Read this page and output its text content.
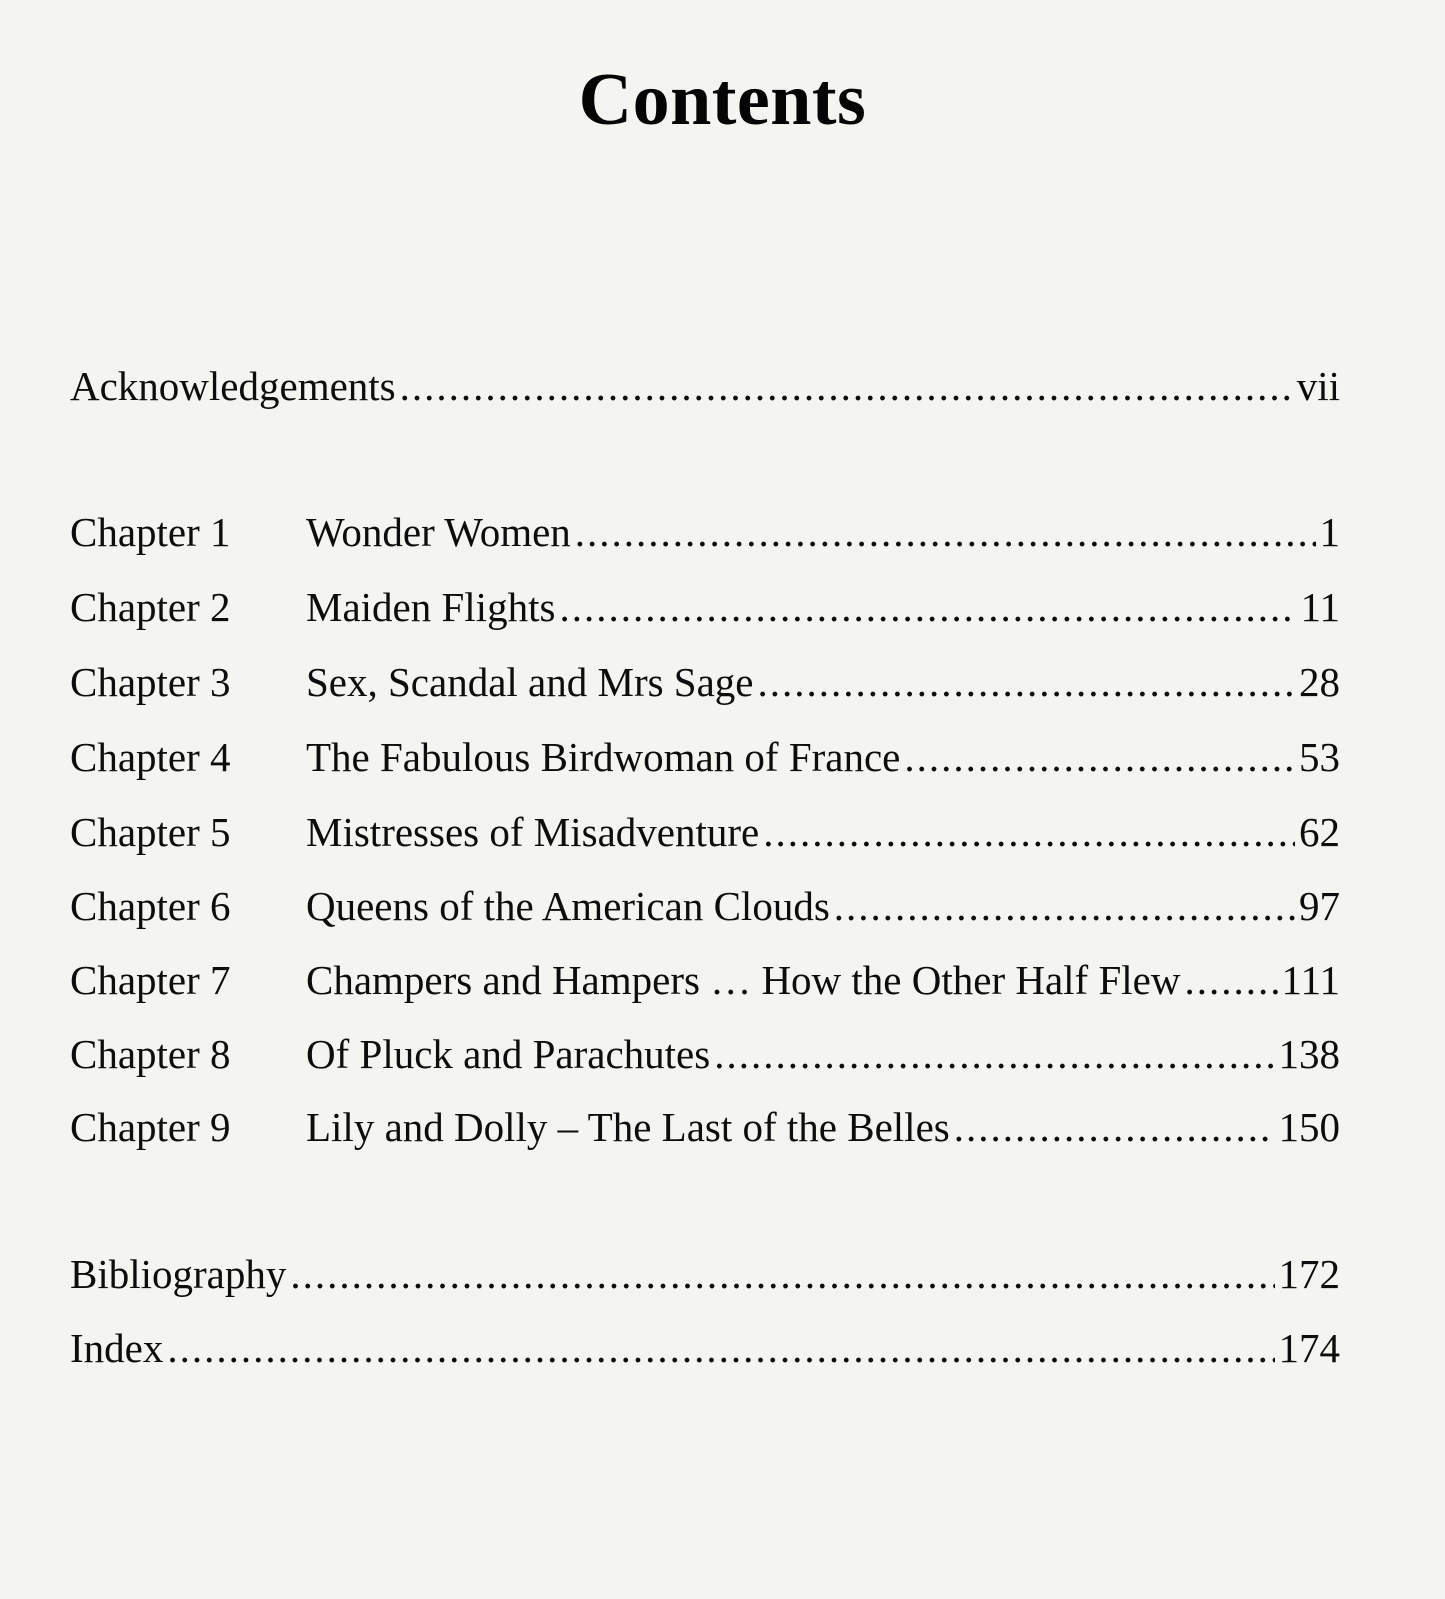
Contents
Acknowledgements .....	vii
Chapter 1	Wonder Women .....	1
Chapter 2	Maiden Flights .....	11
Chapter 3	Sex, Scandal and Mrs Sage .....	28
Chapter 4	The Fabulous Birdwoman of France .....	53
Chapter 5	Mistresses of Misadventure .....	62
Chapter 6	Queens of the American Clouds .....	97
Chapter 7	Champers and Hampers … How the Other Half Flew ..... 111
Chapter 8	Of Pluck and Parachutes .....	138
Chapter 9	Lily and Dolly – The Last of the Belles .....	150
Bibliography .....	172
Index .....	174
